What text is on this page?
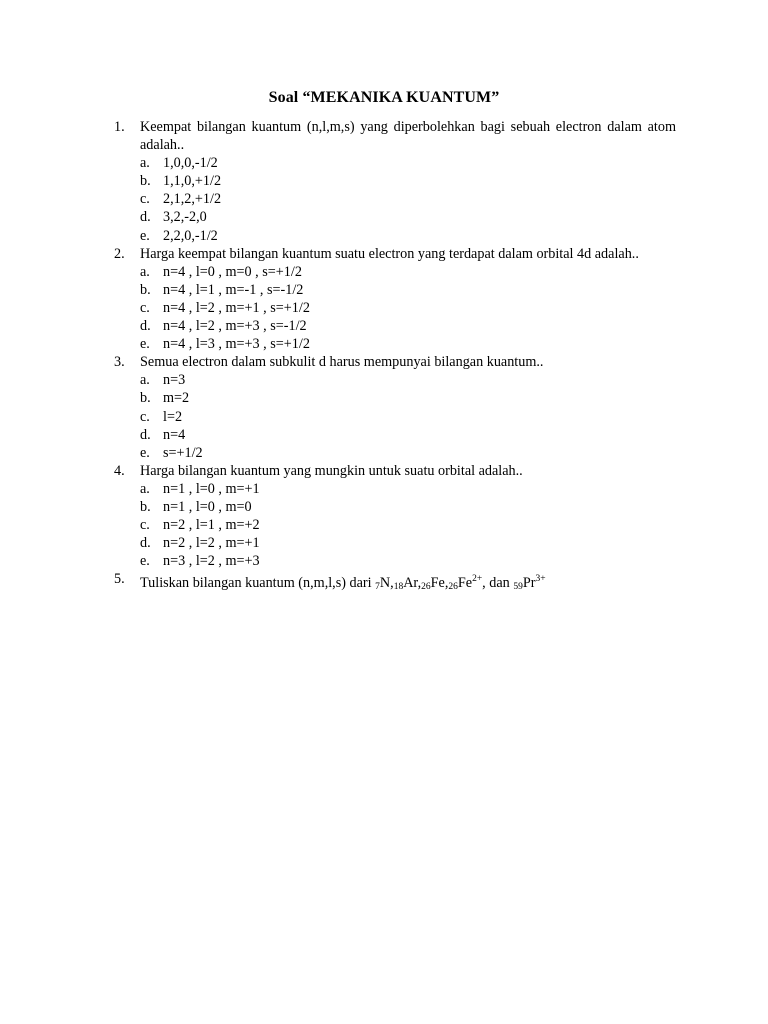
Soal “MEKANIKA KUANTUM”
1. Keempat bilangan kuantum (n,l,m,s) yang diperbolehkan bagi sebuah electron dalam atom adalah..
a. 1,0,0,-1/2
b. 1,1,0,+1/2
c. 2,1,2,+1/2
d. 3,2,-2,0
e. 2,2,0,-1/2
2. Harga keempat bilangan kuantum suatu electron yang terdapat dalam orbital 4d adalah..
a. n=4 , l=0 , m=0 , s=+1/2
b. n=4 , l=1 , m=-1 , s=-1/2
c. n=4 , l=2 , m=+1 , s=+1/2
d. n=4 , l=2 , m=+3 , s=-1/2
e. n=4 , l=3 , m=+3 , s=+1/2
3. Semua electron dalam subkulit d harus mempunyai bilangan kuantum..
a. n=3
b. m=2
c. l=2
d. n=4
e. s=+1/2
4. Harga bilangan kuantum yang mungkin untuk suatu orbital adalah..
a. n=1 , l=0 , m=+1
b. n=1 , l=0 , m=0
c. n=2 , l=1 , m=+2
d. n=2 , l=2 , m=+1
e. n=3 , l=2 , m=+3
5. Tuliskan bilangan kuantum (n,m,l,s) dari $_7N,_{18}Ar,_{26}Fe,_{26}Fe^{2+}$, dan $_{59}Pr^{3+}$
